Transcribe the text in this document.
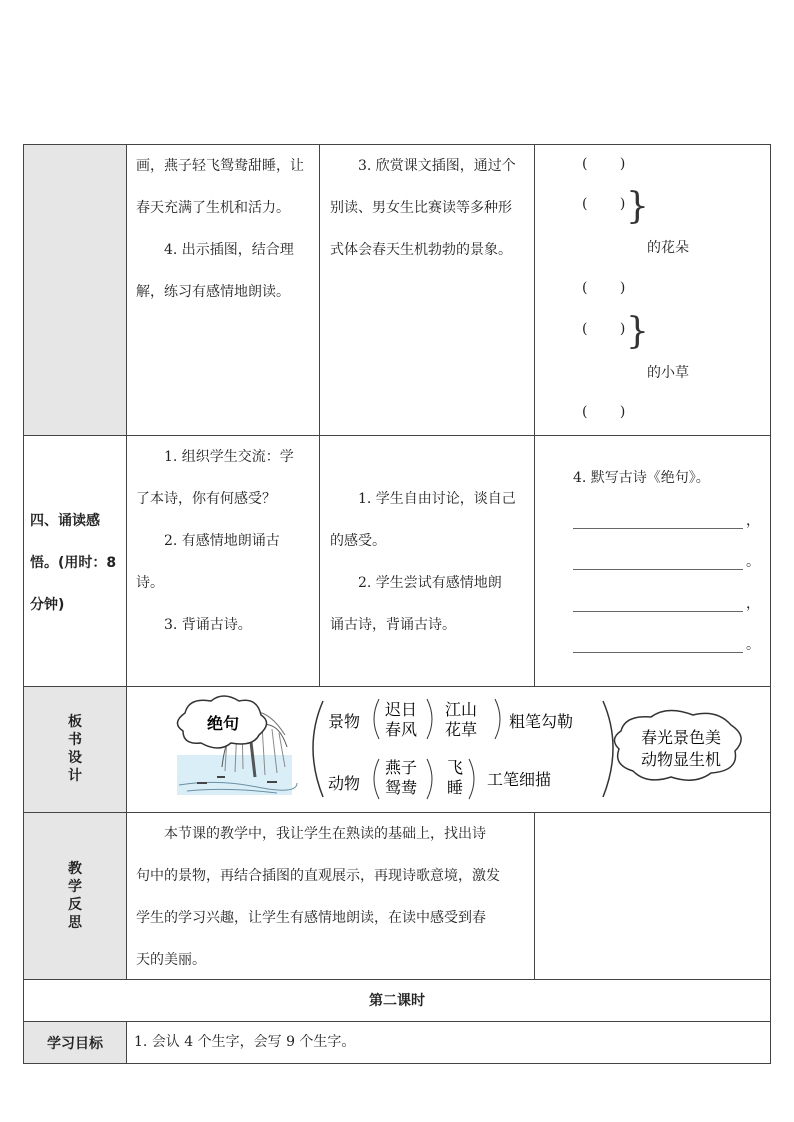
画，燕子轻飞鸳鸯甜睡，让

春天充满了生机和活力。

4. 出示插图，结合理

解，练习有感情地朗读。

3. 欣赏课文插图，通过个

别读、男女生比赛读等多种形

式体会春天生机勃勃的景象。

( )
( )
}
的花朵
( )
( )
}
的小草
( )

四、诵读感

悟。(用时：8

分钟)

1. 组织学生交流：学

了本诗，你有何感受？

2. 有感情地朗诵古

诗。

3. 背诵古诗。

1. 学生自由讨论，谈自己

的感受。

2. 学生尝试有感情地朗

诵古诗，背诵古诗。

4. 默写古诗《绝句》。
，
。
，
。
板
书
设
计
绝句	景物
迟日
春风
江山
花草 粗笔勾勒
动物
燕子
鸳鸯
飞
睡 工笔细描
春光景色美
动物显生机
教
学
反
思

本节课的教学中，我让学生在熟读的基础上，找出诗

句中的景物，再结合插图的直观展示，再现诗歌意境，激发

学生的学习兴趣，让学生有感情地朗读，在读中感受到春

天的美丽。

第二课时
学习目标	1. 会认 4 个生字，会写 9 个生字。
